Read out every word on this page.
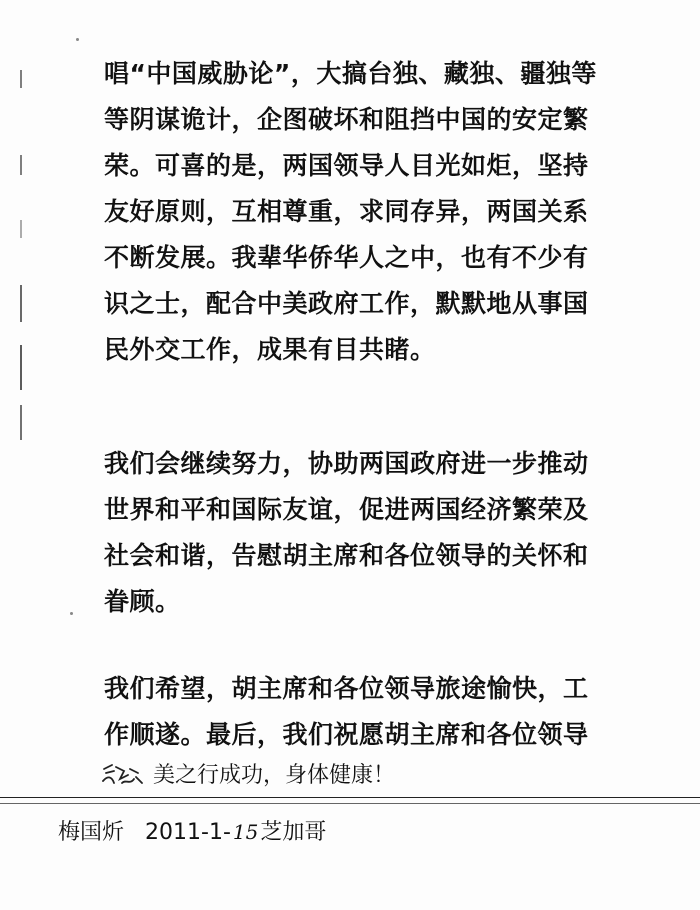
唱“中国威胁论”，大搞台独、藏独、疆独等
等阴谋诡计，企图破坏和阻挡中国的安定繁
荣。可喜的是，两国领导人目光如炬，坚持
友好原则，互相尊重，求同存异，两国关系
不断发展。我辈华侨华人之中，也有不少有
识之士，配合中美政府工作，默默地从事国
民外交工作，成果有目共睹。
我们会继续努力，协助两国政府进一步推动
世界和平和国际友谊，促进两国经济繁荣及
社会和谐，告慰胡主席和各位领导的关怀和
眷顾。
我们希望，胡主席和各位领导旅途愉快，工
作顺遂。最后，我们祝愿胡主席和各位领导
美之行成功，身体健康！
梅国炘 2011-1- 15芝加哥
